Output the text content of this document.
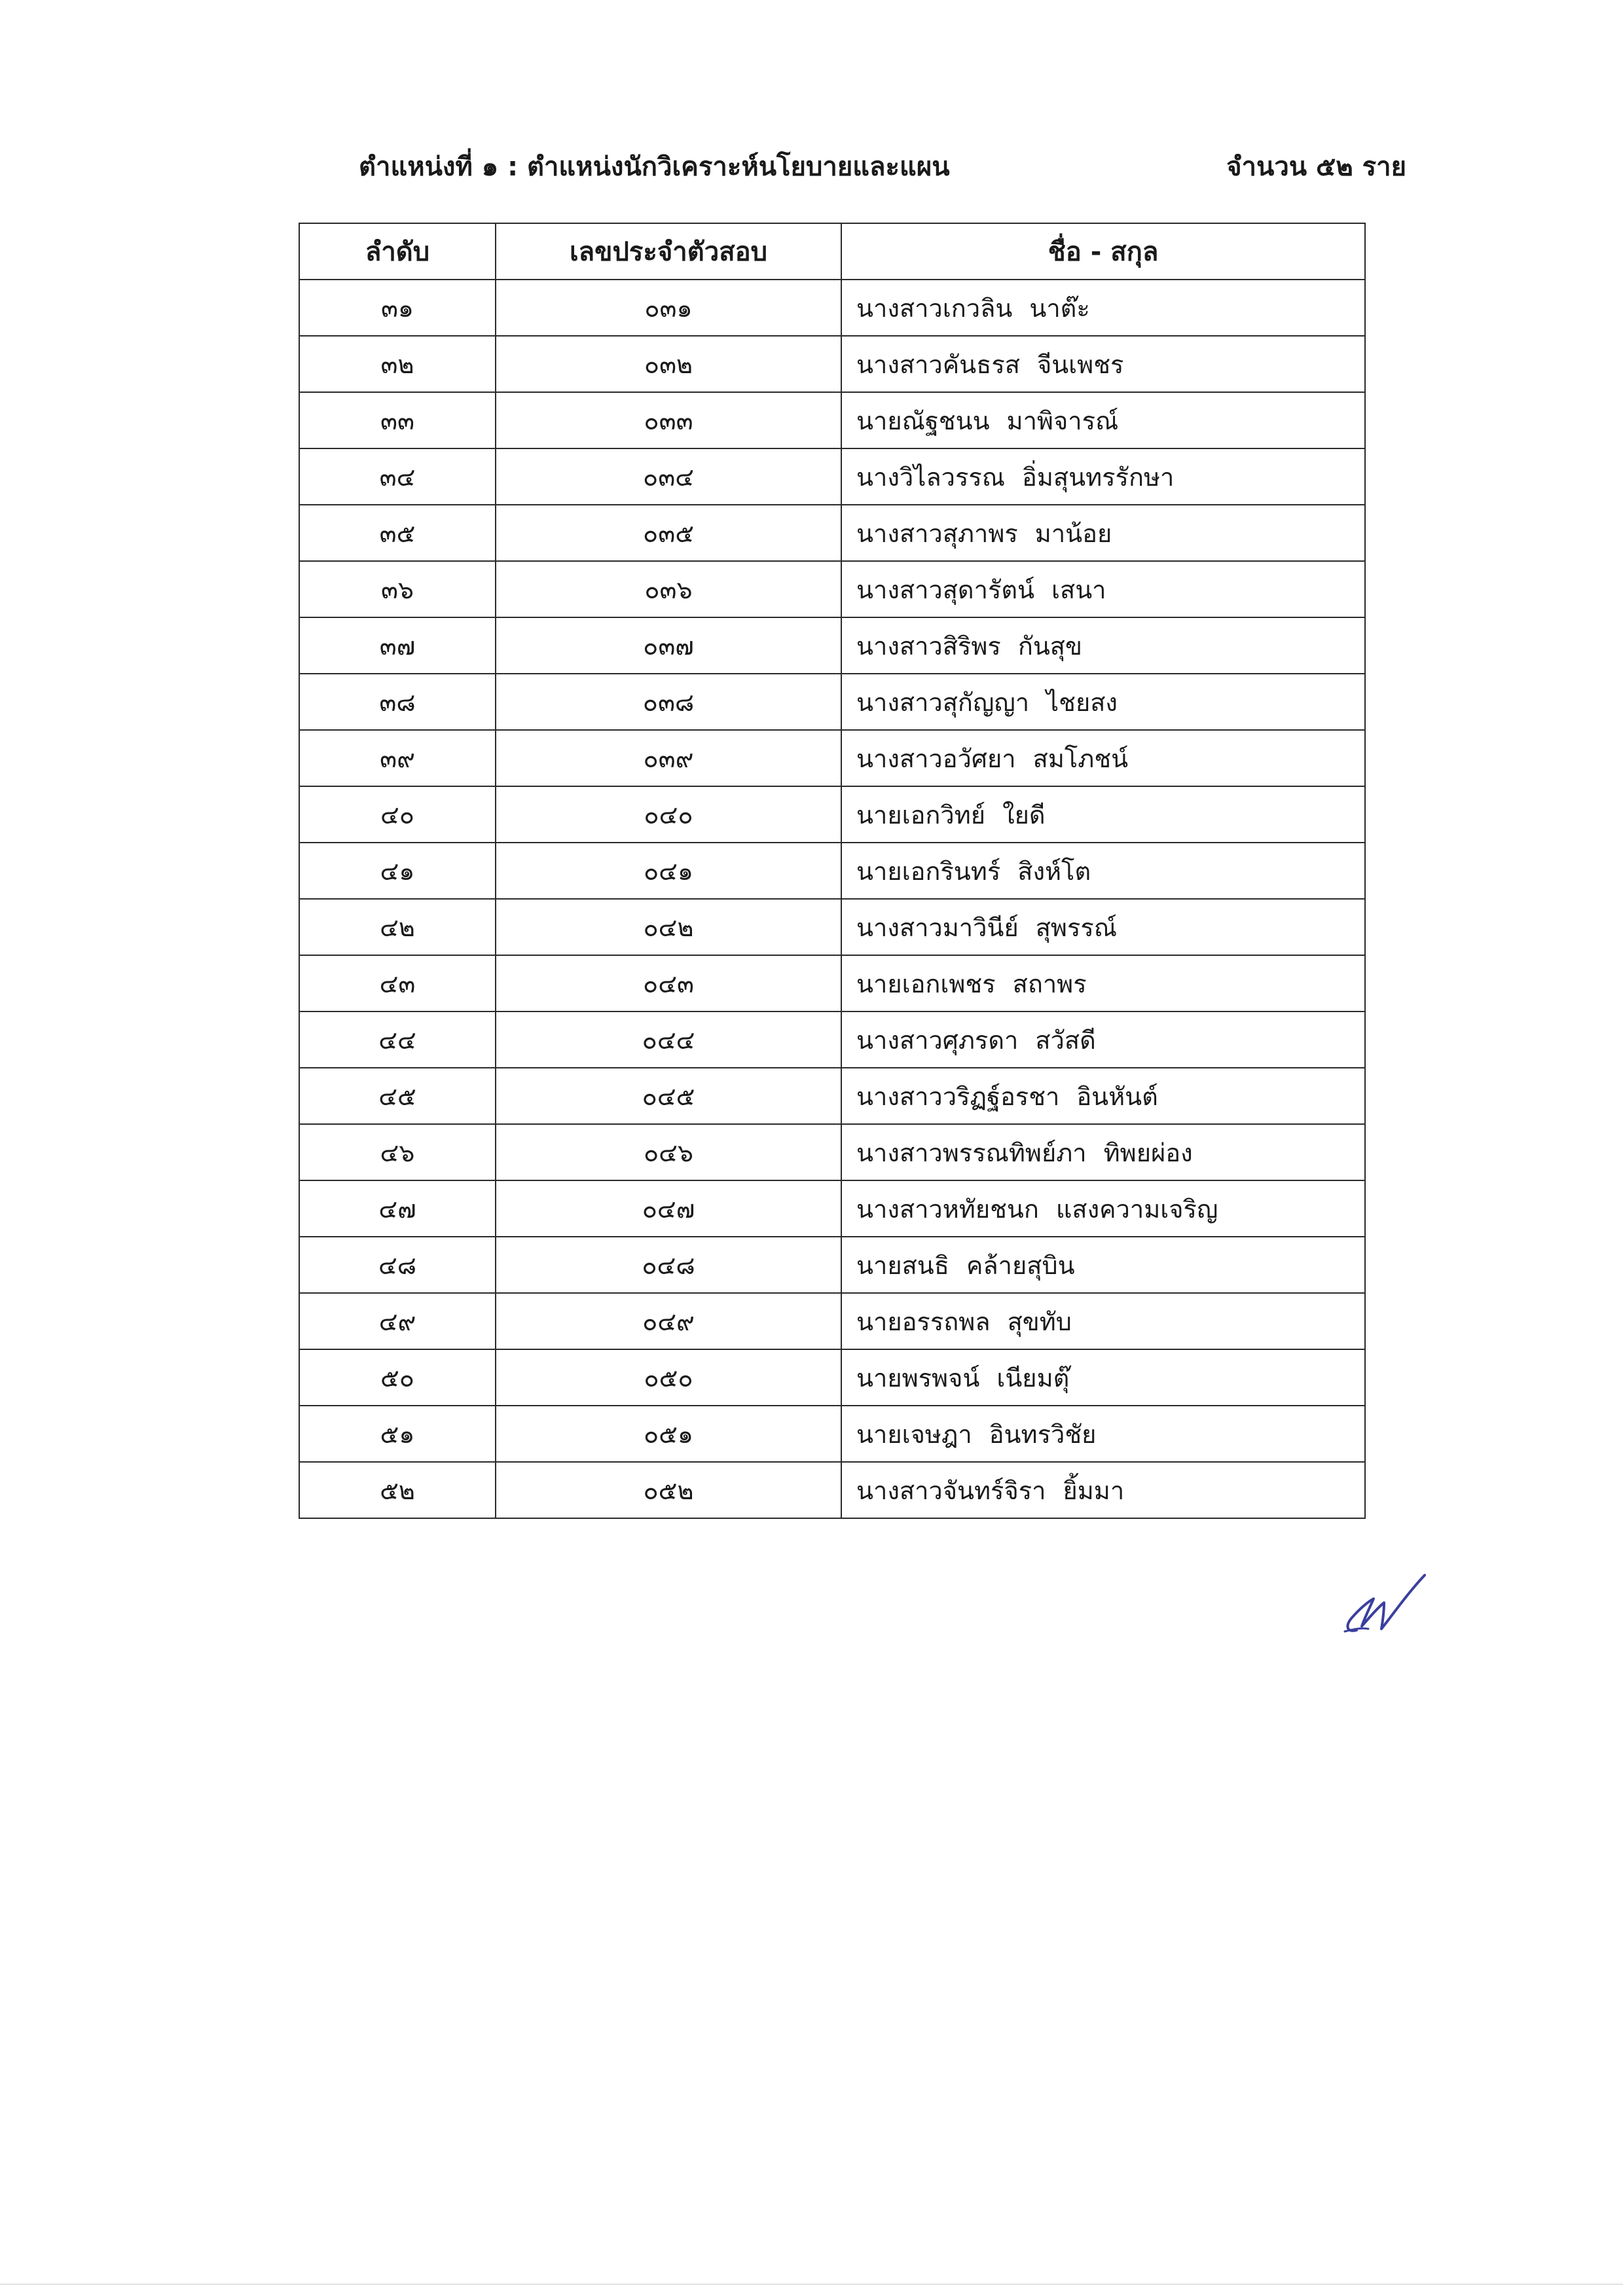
ตำแหน่งที่ ๑ : ตำแหน่งนักวิเคราะห์นโยบายและแผน	จำนวน ๕๒ ราย
ลำดับ	เลขประจำตัวสอบ	ชื่อ - สกุล
๓๑	๐๓๑	นางสาวเกวลิน นาต๊ะ
๓๒	๐๓๒	นางสาวคันธรส จีนเพชร
๓๓	๐๓๓	นายณัฐชนน มาพิจารณ์
๓๔	๐๓๔	นางวิไลวรรณ อิ่มสุนทรรักษา
๓๕	๐๓๕	นางสาวสุภาพร มาน้อย
๓๖	๐๓๖	นางสาวสุดารัตน์ เสนา
๓๗	๐๓๗	นางสาวสิริพร กันสุข
๓๘	๐๓๘	นางสาวสุกัญญา ไชยสง
๓๙	๐๓๙	นางสาวอวัศยา สมโภชน์
๔๐	๐๔๐	นายเอกวิทย์ ใยดี
๔๑	๐๔๑	นายเอกรินทร์ สิงห์โต
๔๒	๐๔๒	นางสาวมาวินีย์ สุพรรณ์
๔๓	๐๔๓	นายเอกเพชร สถาพร
๔๔	๐๔๔	นางสาวศุภรดา สวัสดี
๔๕	๐๔๕	นางสาววริฏฐ์อรชา อินหันต์
๔๖	๐๔๖	นางสาวพรรณทิพย์ภา ทิพยผ่อง
๔๗	๐๔๗	นางสาวหทัยชนก แสงความเจริญ
๔๘	๐๔๘	นายสนธิ คล้ายสุบิน
๔๙	๐๔๙	นายอรรถพล สุขทับ
๕๐	๐๕๐	นายพรพจน์ เนียมตุ๊
๕๑	๐๕๑	นายเจษฎา อินทรวิชัย
๕๒	๐๕๒	นางสาวจันทร์จิรา ยิ้มมา
